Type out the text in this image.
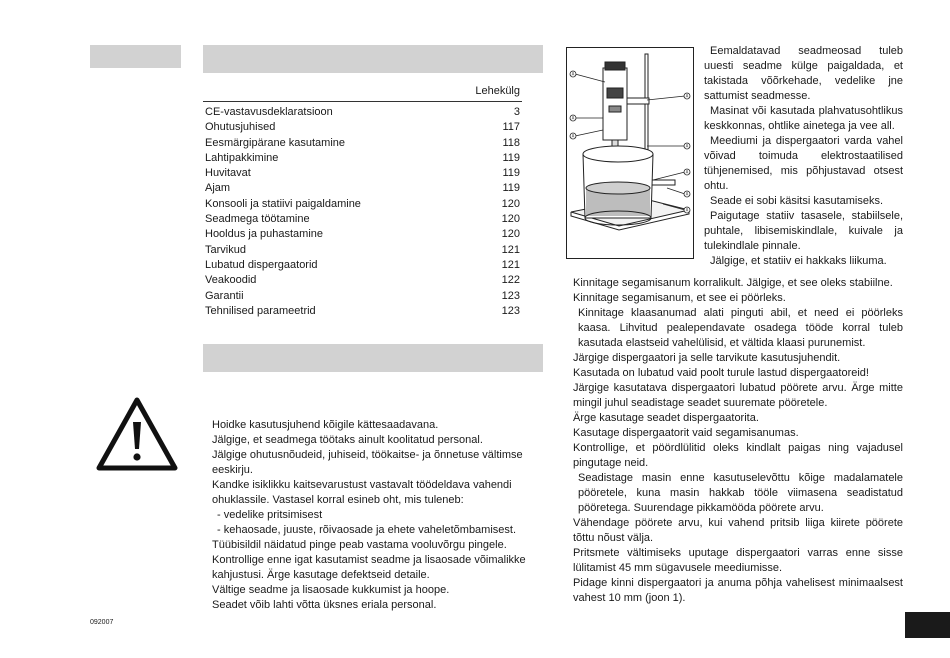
Lehekülg
CE-vastavusdeklaratsioon	3
Ohutusjuhised	117
Eesmärgipärane kasutamine	118
Lahtipakkimine	119
Huvitavat	119
Ajam	119
Konsooli ja statiivi paigaldamine	120
Seadmega töötamine	120
Hooldus ja puhastamine	120
Tarvikud	121
Lubatud dispergaatorid	121
Veakoodid	122
Garantii	123
Tehnilised parameetrid	123

Hoidke kasutusjuhend kõigile kättesaadavana.

Jälgige, et seadmega töötaks ainult koolitatud personal.

Jälgige ohutusnõudeid, juhiseid, töökaitse- ja õnnetuse vältimse eeskirju.

Kandke isiklikku kaitsevarustust vastavalt töödeldava vahendi ohuklassile. Vastasel korral esineb oht, mis tuleneb:

- vedelike pritsimisest

- kehaosade, juuste, rõivaosade ja ehete vaheletõmbamisest.

Tüübisildil näidatud pinge peab vastama vooluvõrgu pingele.

Kontrollige enne igat kasutamist seadme ja lisaosade võimalikke kahjustusi. Ärge kasutage defektseid detaile.

Vältige seadme ja lisaosade kukkumist ja hoope.

Seadet võib lahti võtta üksnes eriala personal.

A
A
A
A
A
A
A
A

Eemaldatavad seadmeosad tuleb uuesti seadme külge paigaldada, et takistada võõrkehade, vedelike jne sattumist seadmesse.

Masinat või kasutada plahvatusohtlikus keskkonnas, ohtlike ainetega ja vee all.

Meediumi ja dispergaatori varda vahel võivad toimuda elektrostaatilised tühjenemised, mis põhjustavad otsest ohtu.

Seade ei sobi käsitsi kasutamiseks.

Paigutage statiiv tasasele, stabiilsele, puhtale, libisemiskindlale, kuivale ja tulekindlale pinnale.

Jälgige, et statiiv ei hakkaks liikuma.

Kinnitage segamisanum korralikult. Jälgige, et see oleks stabiilne.

Kinnitage segamisanum, et see ei pöörleks.

Kinnitage klaasanumad alati pinguti abil, et need ei pöörleks kaasa. Lihvitud pealependavate osadega tööde korral tuleb kasutada elastseid vahelülisid, et vältida klaasi purunemist.

Järgige dispergaatori ja selle tarvikute kasutusjuhendit.

Kasutada on lubatud vaid poolt turule lastud dispergaatoreid!

Järgige kasutatava dispergaatori lubatud pöörete arvu. Ärge mitte mingil juhul seadistage seadet suuremate pööretele.

Ärge kasutage seadet dispergaatorita.

Kasutage dispergaatorit vaid segamisanumas.

Kontrollige, et pöördlülitid oleks kindlalt paigas ning vajadusel pingutage neid.

Seadistage masin enne kasutuselevõttu kõige madalamatele pööretele, kuna masin hakkab tööle viimasena seadistatud pööretega. Suurendage pikkamööda pöörete arvu.

Vähendage pöörete arvu, kui vahend pritsib liiga kiirete pöörete tõttu nõust välja.

Pritsmete vältimiseks uputage dispergaatori varras enne sisse lülitamist 45 mm sügavusele meediumisse.

Pidage kinni dispergaatori ja anuma põhja vahelisest minimaalsest vahest 10 mm (joon 1).

092007
